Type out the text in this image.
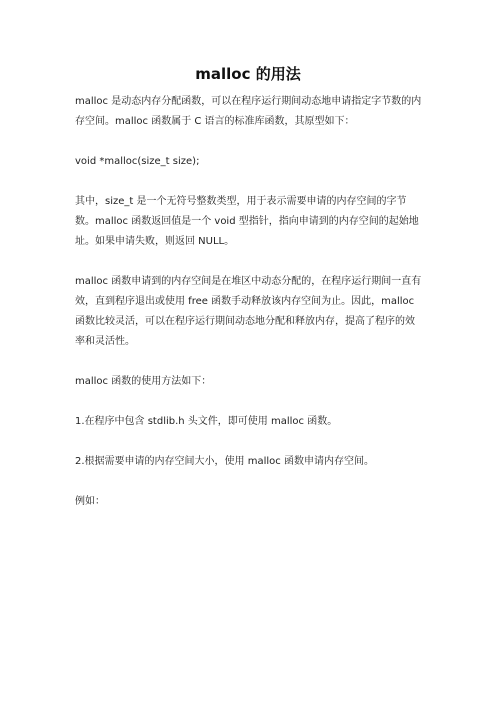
malloc 的用法

malloc 是动态内存分配函数，可以在程序运行期间动态地申请指定字节数的内存空间。malloc 函数属于 C 语言的标准库函数，其原型如下：

void *malloc(size_t size);

其中，size_t 是一个无符号整数类型，用于表示需要申请的内存空间的字节数。malloc 函数返回值是一个 void 型指针，指向申请到的内存空间的起始地址。如果申请失败，则返回 NULL。

malloc 函数申请到的内存空间是在堆区中动态分配的，在程序运行期间一直有效，直到程序退出或使用 free 函数手动释放该内存空间为止。因此，malloc 函数比较灵活，可以在程序运行期间动态地分配和释放内存，提高了程序的效率和灵活性。

malloc 函数的使用方法如下：

1.在程序中包含 stdlib.h 头文件，即可使用 malloc 函数。

2.根据需要申请的内存空间大小，使用 malloc 函数申请内存空间。

例如：
